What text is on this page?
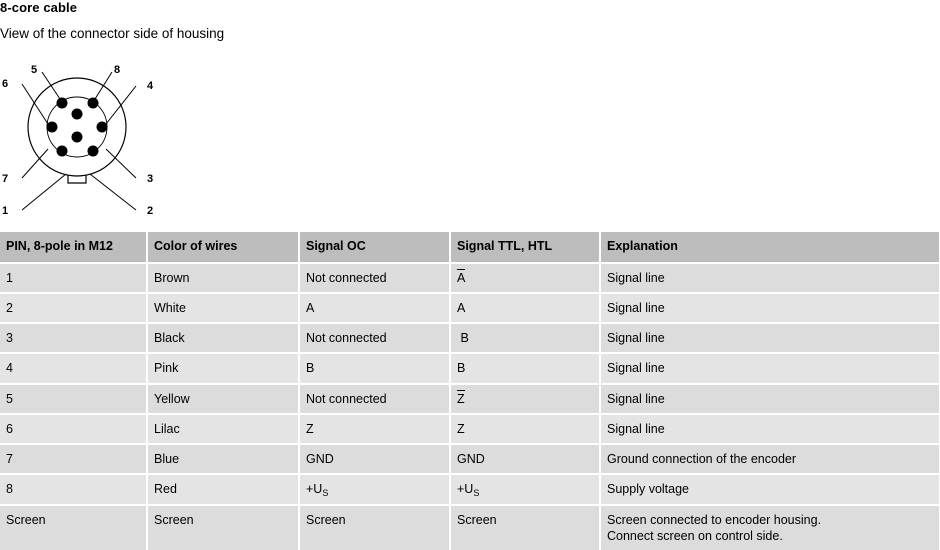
8-core cable
View of the connector side of housing
5	8
6	4
7	3
1	2
PIN, 8-pole in M12	Color of wires	Signal OC	Signal TTL, HTL	Explanation
1	Brown	Not connected	A	Signal line
2	White	A	A	Signal line
3	Black	Not connected	B	Signal line
4	Pink	B	B	Signal line
5	Yellow	Not connected	Z	Signal line
6	Lilac	Z	Z	Signal line
7	Blue	GND	GND	Ground connection of the encoder
8	Red	$+U_S$	$+U_S$	Supply voltage
Screen	Screen	Screen	Screen	Screen connected to encoder housing.
Connect screen on control side.
